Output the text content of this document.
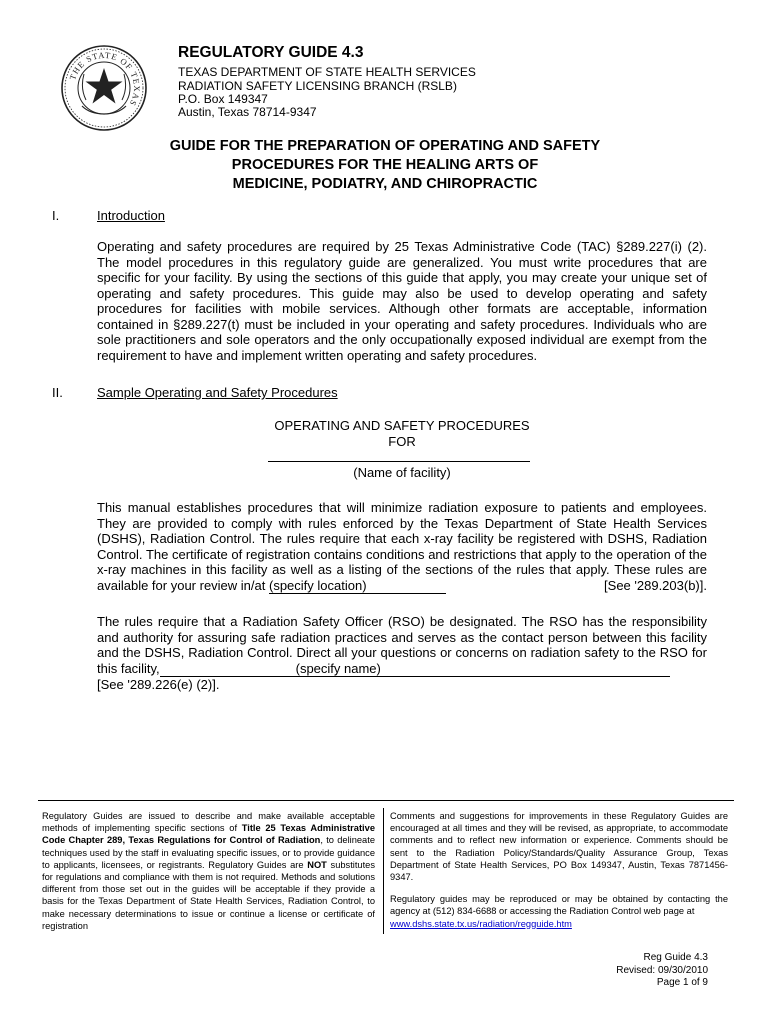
THE STATE OF TEXAS
REGULATORY GUIDE 4.3
TEXAS DEPARTMENT OF STATE HEALTH SERVICES
RADIATION SAFETY LICENSING BRANCH (RSLB)
P.O. Box 149347
Austin, Texas 78714-9347
GUIDE FOR THE PREPARATION OF OPERATING AND SAFETY
PROCEDURES FOR THE HEALING ARTS OF
MEDICINE, PODIATRY, AND CHIROPRACTIC
I.	Introduction
Operating and safety procedures are required by 25 Texas Administrative Code (TAC) §289.227(i) (2). The model procedures in this regulatory guide are generalized. You must write procedures that are specific for your facility. By using the sections of this guide that apply, you may create your unique set of operating and safety procedures. This guide may also be used to develop operating and safety procedures for facilities with mobile services. Although other formats are acceptable, information contained in §289.227(t) must be included in your operating and safety procedures. Individuals who are sole practitioners and sole operators and the only occupationally exposed individual are exempt from the requirement to have and implement written operating and safety procedures.
II.	Sample Operating and Safety Procedures
OPERATING AND SAFETY PROCEDURES
FOR
(Name of facility)
This manual establishes procedures that will minimize radiation exposure to patients and employees. They are provided to comply with rules enforced by the Texas Department of State Health Services (DSHS), Radiation Control. The rules require that each x-ray facility be registered with DSHS, Radiation Control. The certificate of registration contains conditions and restrictions that apply to the operation of the x-ray machines in this facility as well as a listing of the sections of the rules that apply. These rules are available for your review in/at (specify location)	[See '289.203(b)].
The rules require that a Radiation Safety Officer (RSO) be designated. The RSO has the responsibility and authority for assuring safe radiation practices and serves as the contact person between this facility and the DSHS, Radiation Control. Direct all your questions or concerns on radiation safety to the RSO for this facility,	(specify name)
[See '289.226(e) (2)].
Regulatory Guides are issued to describe and make available acceptable methods of implementing specific sections of Title 25 Texas Administrative Code Chapter 289, Texas Regulations for Control of Radiation, to delineate techniques used by the staff in evaluating specific issues, or to provide guidance to applicants, licensees, or registrants. Regulatory Guides are NOT substitutes for regulations and compliance with them is not required. Methods and solutions different from those set out in the guides will be acceptable if they provide a basis for the Texas Department of State Health Services, Radiation Control, to make necessary determinations to issue or continue a license or certificate of registration
Comments and suggestions for improvements in these Regulatory Guides are encouraged at all times and they will be revised, as appropriate, to accommodate comments and to reflect new information or experience. Comments should be sent to the Radiation Policy/Standards/Quality Assurance Group, Texas Department of State Health Services, PO Box 149347, Austin, Texas 7871456-9347.
Regulatory guides may be reproduced or may be obtained by contacting the agency at (512) 834-6688 or accessing the Radiation Control web page at
www.dshs.state.tx.us/radiation/regguide.htm
Reg Guide 4.3
Revised: 09/30/2010
Page 1 of 9
